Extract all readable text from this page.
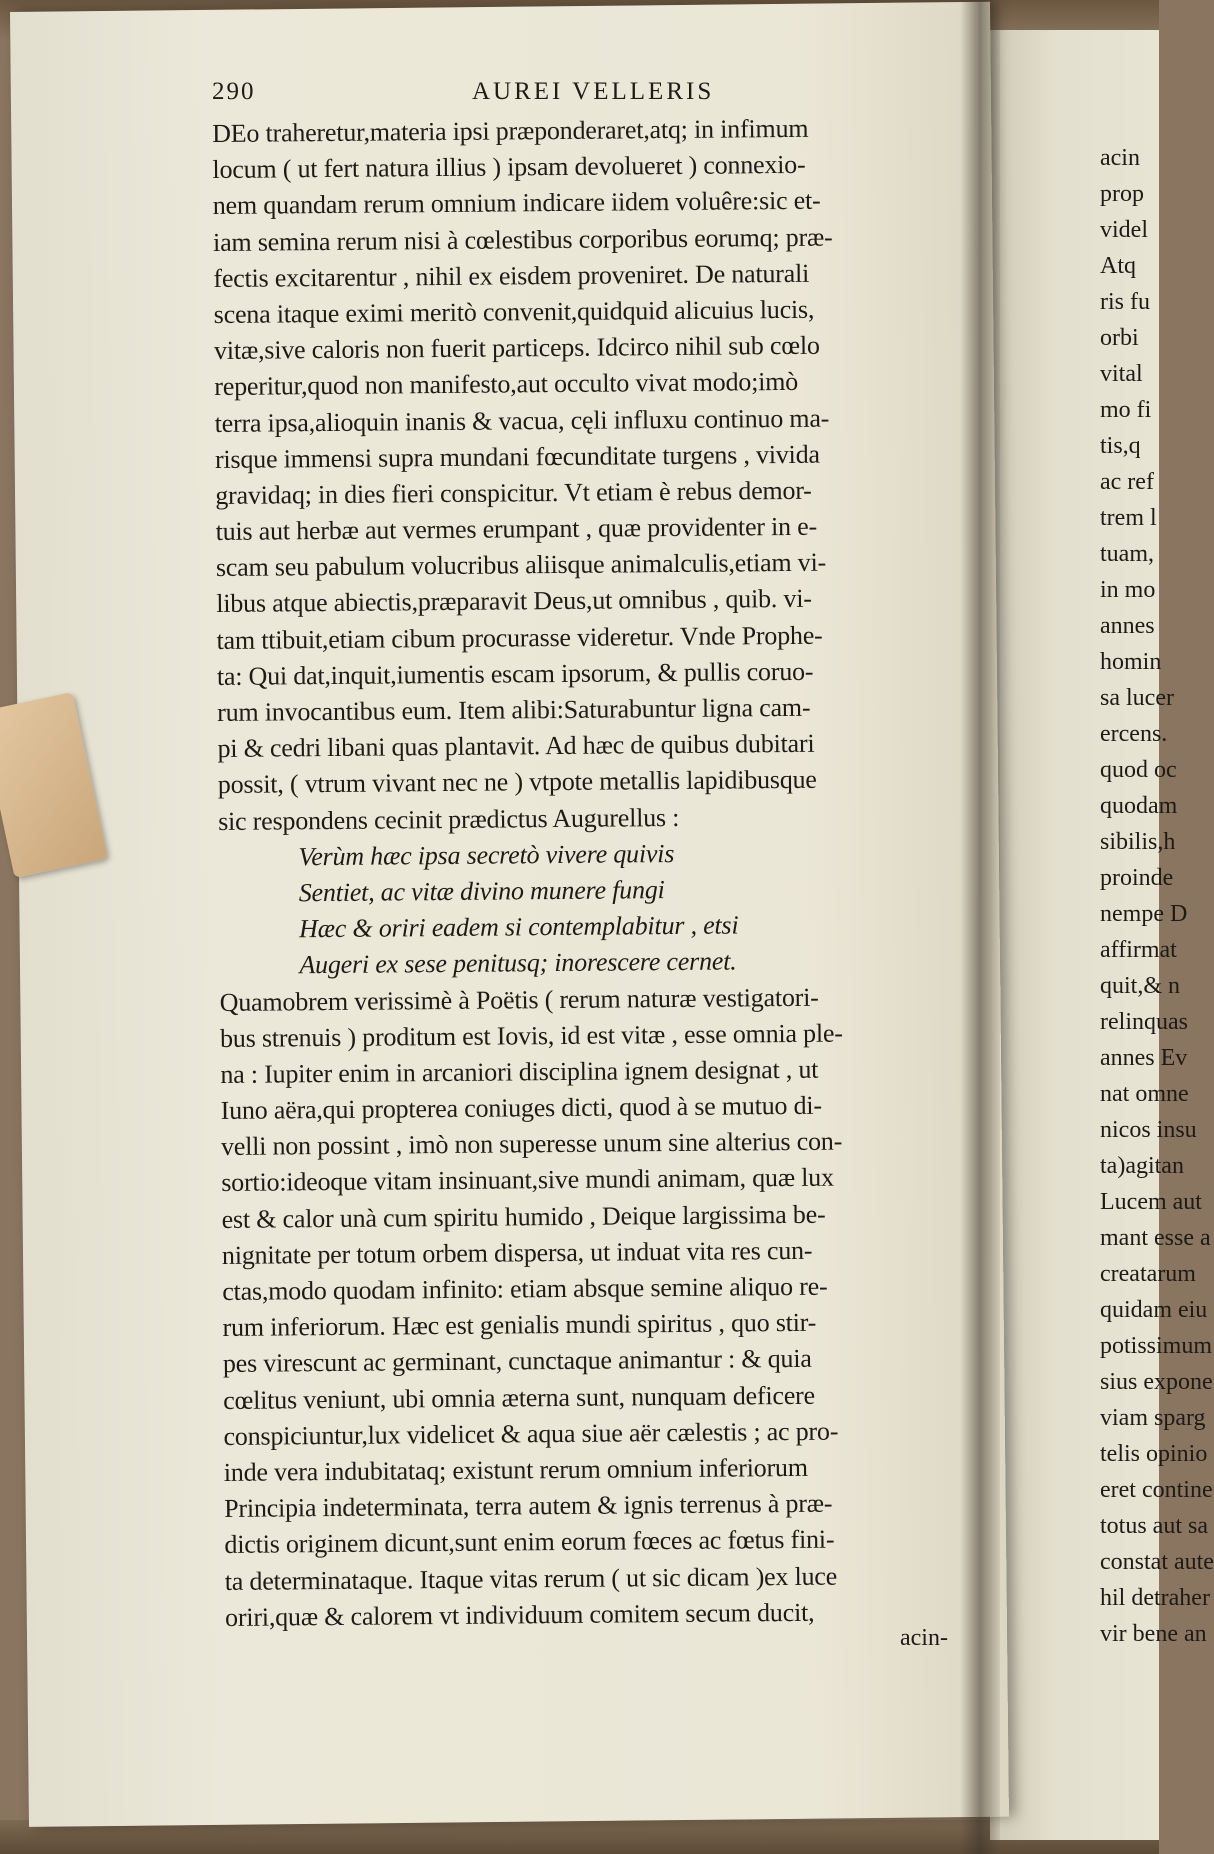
290	AUREI VELLERIS
DEo traheretur,materia ipsi præponderaret,atq; in infimum
locum ( ut fert natura illius ) ipsam devolueret ) connexio-
nem quandam rerum omnium indicare iidem voluêre:sic et-
iam semina rerum nisi à cœlestibus corporibus eorumq; præ-
fectis excitarentur , nihil ex eisdem proveniret. De naturali
scena itaque eximi meritò convenit,quidquid alicuius lucis,
vitæ,sive caloris non fuerit particeps. Idcirco nihil sub cœlo
reperitur,quod non manifesto,aut occulto vivat modo;imò
terra ipsa,alioquin inanis & vacua, cęli influxu continuo ma-
risque immensi supra mundani fœcunditate turgens , vivida
gravidaq; in dies fieri conspicitur. Vt etiam è rebus demor-
tuis aut herbæ aut vermes erumpant , quæ providenter in e-
scam seu pabulum volucribus aliisque animalculis,etiam vi-
libus atque abiectis,præparavit Deus,ut omnibus , quib. vi-
tam ttibuit,etiam cibum procurasse videretur. Vnde Prophe-
ta: Qui dat,inquit,iumentis escam ipsorum, & pullis coruo-
rum invocantibus eum. Item alibi:Saturabuntur ligna cam-
pi & cedri libani quas plantavit. Ad hæc de quibus dubitari
possit, ( vtrum vivant nec ne ) vtpote metallis lapidibusque
sic respondens cecinit prædictus Augurellus :
Verùm hæc ipsa secretò vivere quivis
Sentiet, ac vitæ divino munere fungi
Hæc & oriri eadem si contemplabitur , etsi
Augeri ex sese penitusq; inorescere cernet.
Quamobrem verissimè à Poëtis ( rerum naturæ vestigatori-
bus strenuis ) proditum est Iovis, id est vitæ , esse omnia ple-
na : Iupiter enim in arcaniori disciplina ignem designat , ut
Iuno aëra,qui propterea coniuges dicti, quod à se mutuo di-
velli non possint , imò non superesse unum sine alterius con-
sortio:ideoque vitam insinuant,sive mundi animam, quæ lux
est & calor unà cum spiritu humido , Deique largissima be-
nignitate per totum orbem dispersa, ut induat vita res cun-
ctas,modo quodam infinito: etiam absque semine aliquo re-
rum inferiorum. Hæc est genialis mundi spiritus , quo stir-
pes virescunt ac germinant, cunctaque animantur : & quia
cœlitus veniunt, ubi omnia æterna sunt, nunquam deficere
conspiciuntur,lux videlicet & aqua siue aër cælestis ; ac pro-
inde vera indubitataq; existunt rerum omnium inferiorum
Principia indeterminata, terra autem & ignis terrenus à præ-
dictis originem dicunt,sunt enim eorum fœces ac fœtus fini-
ta determinataque. Itaque vitas rerum ( ut sic dicam )ex luce
oriri,quæ & calorem vt individuum comitem secum ducit,
acin-
acin
prop
videl
Atq
ris fu
orbi
vital
mo fi
tis,q
ac ref
trem l
tuam,
in mo
annes
homin
sa lucer
ercens.
quod oc
quodam
sibilis,h
proinde
nempe D
affirmat
quit,& n
relinquas
annes Ev
nat omne
nicos insu
ta)agitan
Lucem aut
mant esse a
creatarum
quidam eiu
potissimum
sius expone
viam sparg
telis opinio
eret contine
totus aut sa
constat aute
hil detraher
vir bene an
